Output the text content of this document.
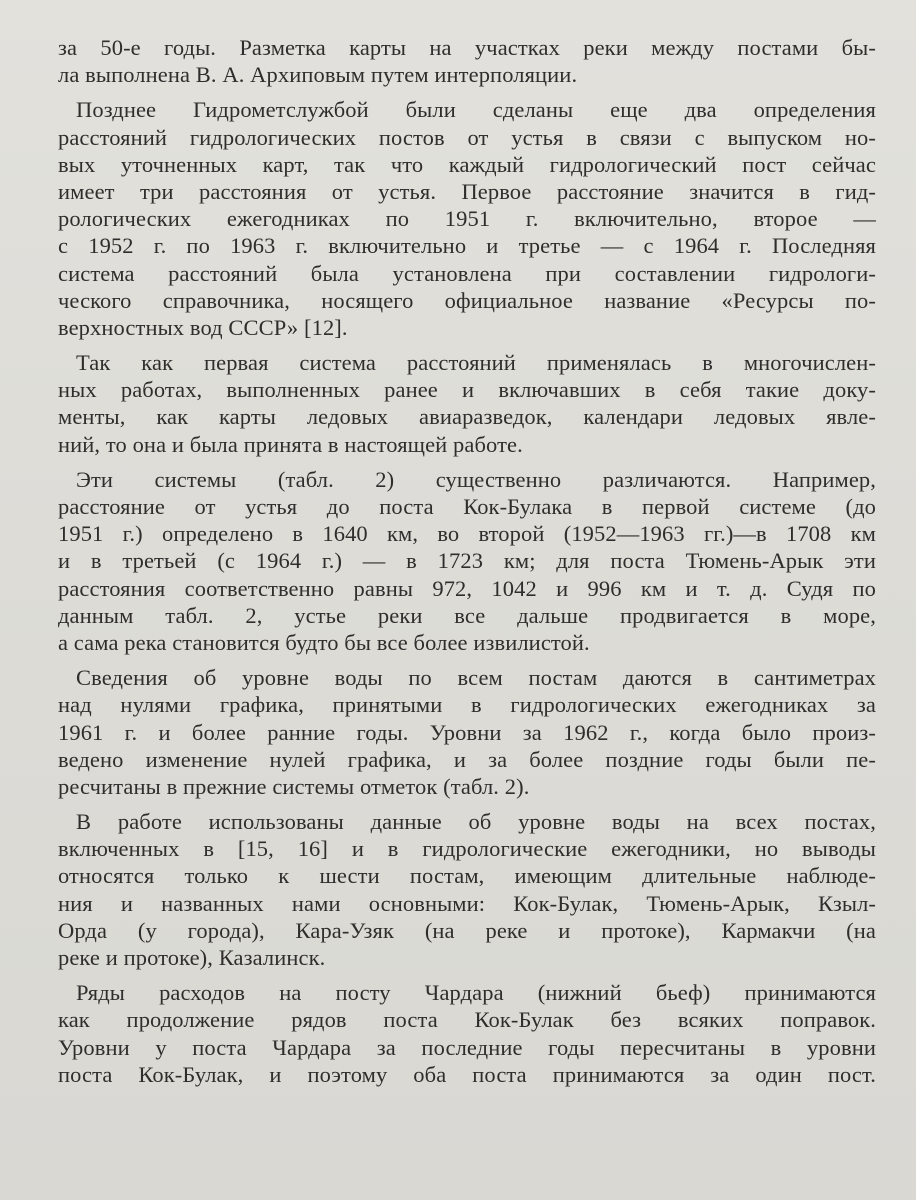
за 50-е годы. Разметка карты на участках реки между постами бы-
ла выполнена В. А. Архиповым путем интерполяции.
Позднее Гидрометслужбой были сделаны еще два определения
расстояний гидрологических постов от устья в связи с выпуском но-
вых уточненных карт, так что каждый гидрологический пост сейчас
имеет три расстояния от устья. Первое расстояние значится в гид-
рологических ежегодниках по 1951 г. включительно, второе —
с 1952 г. по 1963 г. включительно и третье — с 1964 г. Последняя
система расстояний была установлена при составлении гидрологи-
ческого справочника, носящего официальное название «Ресурсы по-
верхностных вод СССР» [12].
Так как первая система расстояний применялась в многочислен-
ных работах, выполненных ранее и включавших в себя такие доку-
менты, как карты ледовых авиаразведок, календари ледовых явле-
ний, то она и была принята в настоящей работе.
Эти системы (табл. 2) существенно различаются. Например,
расстояние от устья до поста Кок-Булака в первой системе (до
1951 г.) определено в 1640 км, во второй (1952—1963 гг.)—в 1708 км
и в третьей (с 1964 г.) — в 1723 км; для поста Тюмень-Арык эти
расстояния соответственно равны 972, 1042 и 996 км и т. д. Судя по
данным табл. 2, устье реки все дальше продвигается в море,
а сама река становится будто бы все более извилистой.
Сведения об уровне воды по всем постам даются в сантиметрах
над нулями графика, принятыми в гидрологических ежегодниках за
1961 г. и более ранние годы. Уровни за 1962 г., когда было произ-
ведено изменение нулей графика, и за более поздние годы были пе-
ресчитаны в прежние системы отметок (табл. 2).
В работе использованы данные об уровне воды на всех постах,
включенных в [15, 16] и в гидрологические ежегодники, но выводы
относятся только к шести постам, имеющим длительные наблюде-
ния и названных нами основными: Кок-Булак, Тюмень-Арык, Кзыл-
Орда (у города), Кара-Узяк (на реке и протоке), Кармакчи (на
реке и протоке), Казалинск.
Ряды расходов на посту Чардара (нижний бьеф) принимаются
как продолжение рядов поста Кок-Булак без всяких поправок.
Уровни у поста Чардара за последние годы пересчитаны в уровни
поста Кок-Булак, и поэтому оба поста принимаются за один пост.
